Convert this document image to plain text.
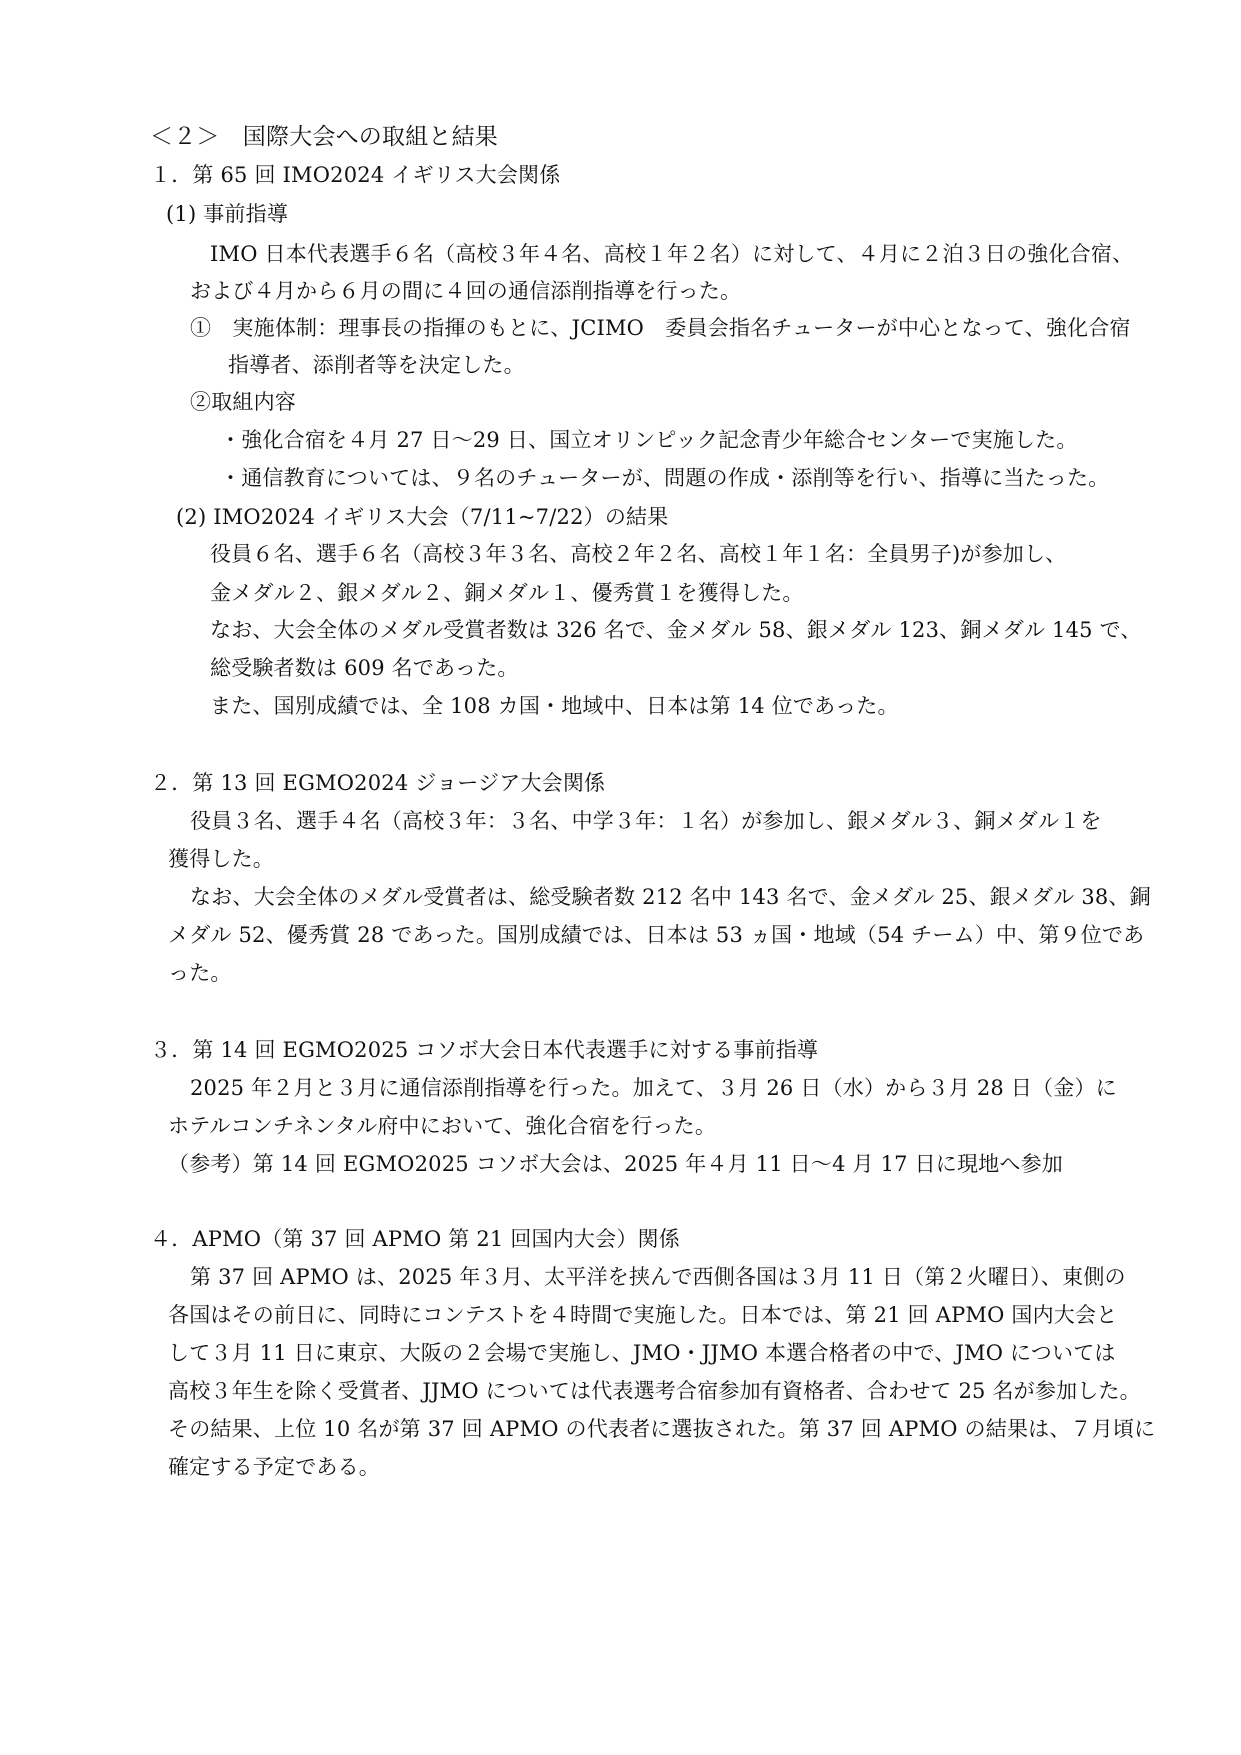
＜２＞　国際大会への取組と結果
１．第 65 回 IMO2024 イギリス大会関係
(1) 事前指導
IMO 日本代表選手６名（高校３年４名、高校１年２名）に対して、４月に２泊３日の強化合宿、
および４月から６月の間に４回の通信添削指導を行った。
①　実施体制：理事長の指揮のもとに、JCIMO　委員会指名チューターが中心となって、強化合宿
指導者、添削者等を決定した。
②取組内容
・強化合宿を４月 27 日～29 日、国立オリンピック記念青少年総合センターで実施した。
・通信教育については、９名のチューターが、問題の作成・添削等を行い、指導に当たった。
(2) IMO2024 イギリス大会（7/11~7/22）の結果
役員６名、選手６名（高校３年３名、高校２年２名、高校１年１名：全員男子)が参加し、
金メダル２、銀メダル２、銅メダル１、優秀賞１を獲得した。
なお、大会全体のメダル受賞者数は 326 名で、金メダル 58、銀メダル 123、銅メダル 145 で、
総受験者数は 609 名であった。
また、国別成績では、全 108 カ国・地域中、日本は第 14 位であった。
２．第 13 回 EGMO2024 ジョージア大会関係
役員３名、選手４名（高校３年：３名、中学３年：１名）が参加し、銀メダル３、銅メダル１を
獲得した。
なお、大会全体のメダル受賞者は、総受験者数 212 名中 143 名で、金メダル 25、銀メダル 38、銅
メダル 52、優秀賞 28 であった。国別成績では、日本は 53 ヵ国・地域（54 チーム）中、第９位であ
った。
３．第 14 回 EGMO2025 コソボ大会日本代表選手に対する事前指導
2025 年２月と３月に通信添削指導を行った。加えて、３月 26 日（水）から３月 28 日（金）に
ホテルコンチネンタル府中において、強化合宿を行った。
（参考）第 14 回 EGMO2025 コソボ大会は、2025 年４月 11 日～4 月 17 日に現地へ参加
４．APMO（第 37 回 APMO 第 21 回国内大会）関係
第 37 回 APMO は、2025 年３月、太平洋を挟んで西側各国は３月 11 日（第２火曜日）、東側の
各国はその前日に、同時にコンテストを４時間で実施した。日本では、第 21 回 APMO 国内大会と
して３月 11 日に東京、大阪の２会場で実施し、JMO・JJMO 本選合格者の中で、JMO については
高校３年生を除く受賞者、JJMO については代表選考合宿参加有資格者、合わせて 25 名が参加した。
その結果、上位 10 名が第 37 回 APMO の代表者に選抜された。第 37 回 APMO の結果は、７月頃に
確定する予定である。
